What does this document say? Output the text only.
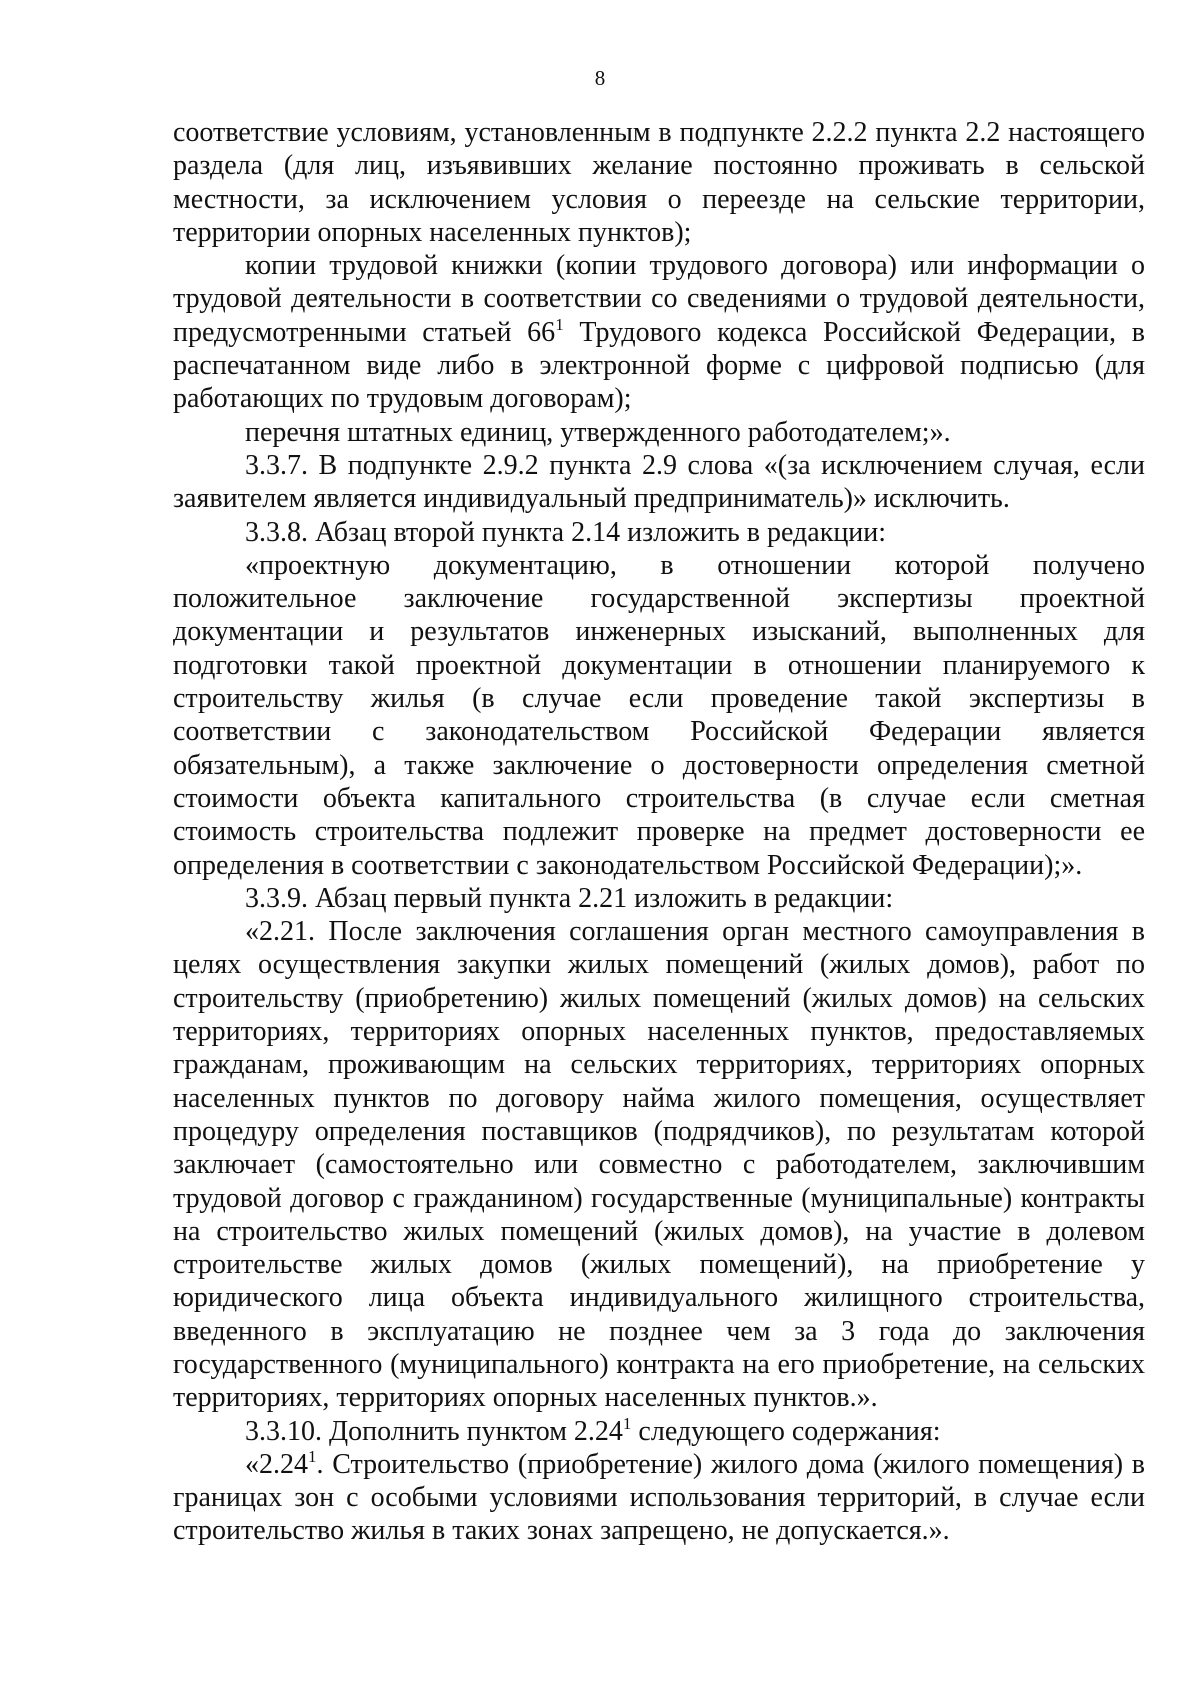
8

соответствие условиям, установленным в подпункте 2.2.2 пункта 2.2 настоящего раздела (для лиц, изъявивших желание постоянно проживать в сельской местности, за исключением условия о переезде на сельские территории, территории опорных населенных пунктов);

копии трудовой книжки (копии трудового договора) или информации о трудовой деятельности в соответствии со сведениями о трудовой деятельности, предусмотренными статьей $66^1$ Трудового кодекса Российской Федерации, в распечатанном виде либо в электронной форме с цифровой подписью (для работающих по трудовым договорам);

перечня штатных единиц, утвержденного работодателем;».

3.3.7. В подпункте 2.9.2 пункта 2.9 слова «(за исключением случая, если заявителем является индивидуальный предприниматель)» исключить.

3.3.8. Абзац второй пункта 2.14 изложить в редакции:

«проектную документацию, в отношении которой получено положительное заключение государственной экспертизы проектной документации и результатов инженерных изысканий, выполненных для подготовки такой проектной документации в отношении планируемого к строительству жилья (в случае если проведение такой экспертизы в соответствии с законодательством Российской Федерации является обязательным), а также заключение о достоверности определения сметной стоимости объекта капитального строительства (в случае если сметная стоимость строительства подлежит проверке на предмет достоверности ее определения в соответствии с законодательством Российской Федерации);».

3.3.9. Абзац первый пункта 2.21 изложить в редакции:

«2.21. После заключения соглашения орган местного самоуправления в целях осуществления закупки жилых помещений (жилых домов), работ по строительству (приобретению) жилых помещений (жилых домов) на сельских территориях, территориях опорных населенных пунктов, предоставляемых гражданам, проживающим на сельских территориях, территориях опорных населенных пунктов по договору найма жилого помещения, осуществляет процедуру определения поставщиков (подрядчиков), по результатам которой заключает (самостоятельно или совместно с работодателем, заключившим трудовой договор с гражданином) государственные (муниципальные) контракты на строительство жилых помещений (жилых домов), на участие в долевом строительстве жилых домов (жилых помещений), на приобретение у юридического лица объекта индивидуального жилищного строительства, введенного в эксплуатацию не позднее чем за 3 года до заключения государственного (муниципального) контракта на его приобретение, на сельских территориях, территориях опорных населенных пунктов.».

3.3.10. Дополнить пунктом 2.24$^1$ следующего содержания:

«2.24$^1$. Строительство (приобретение) жилого дома (жилого помещения) в границах зон с особыми условиями использования территорий, в случае если строительство жилья в таких зонах запрещено, не допускается.».
